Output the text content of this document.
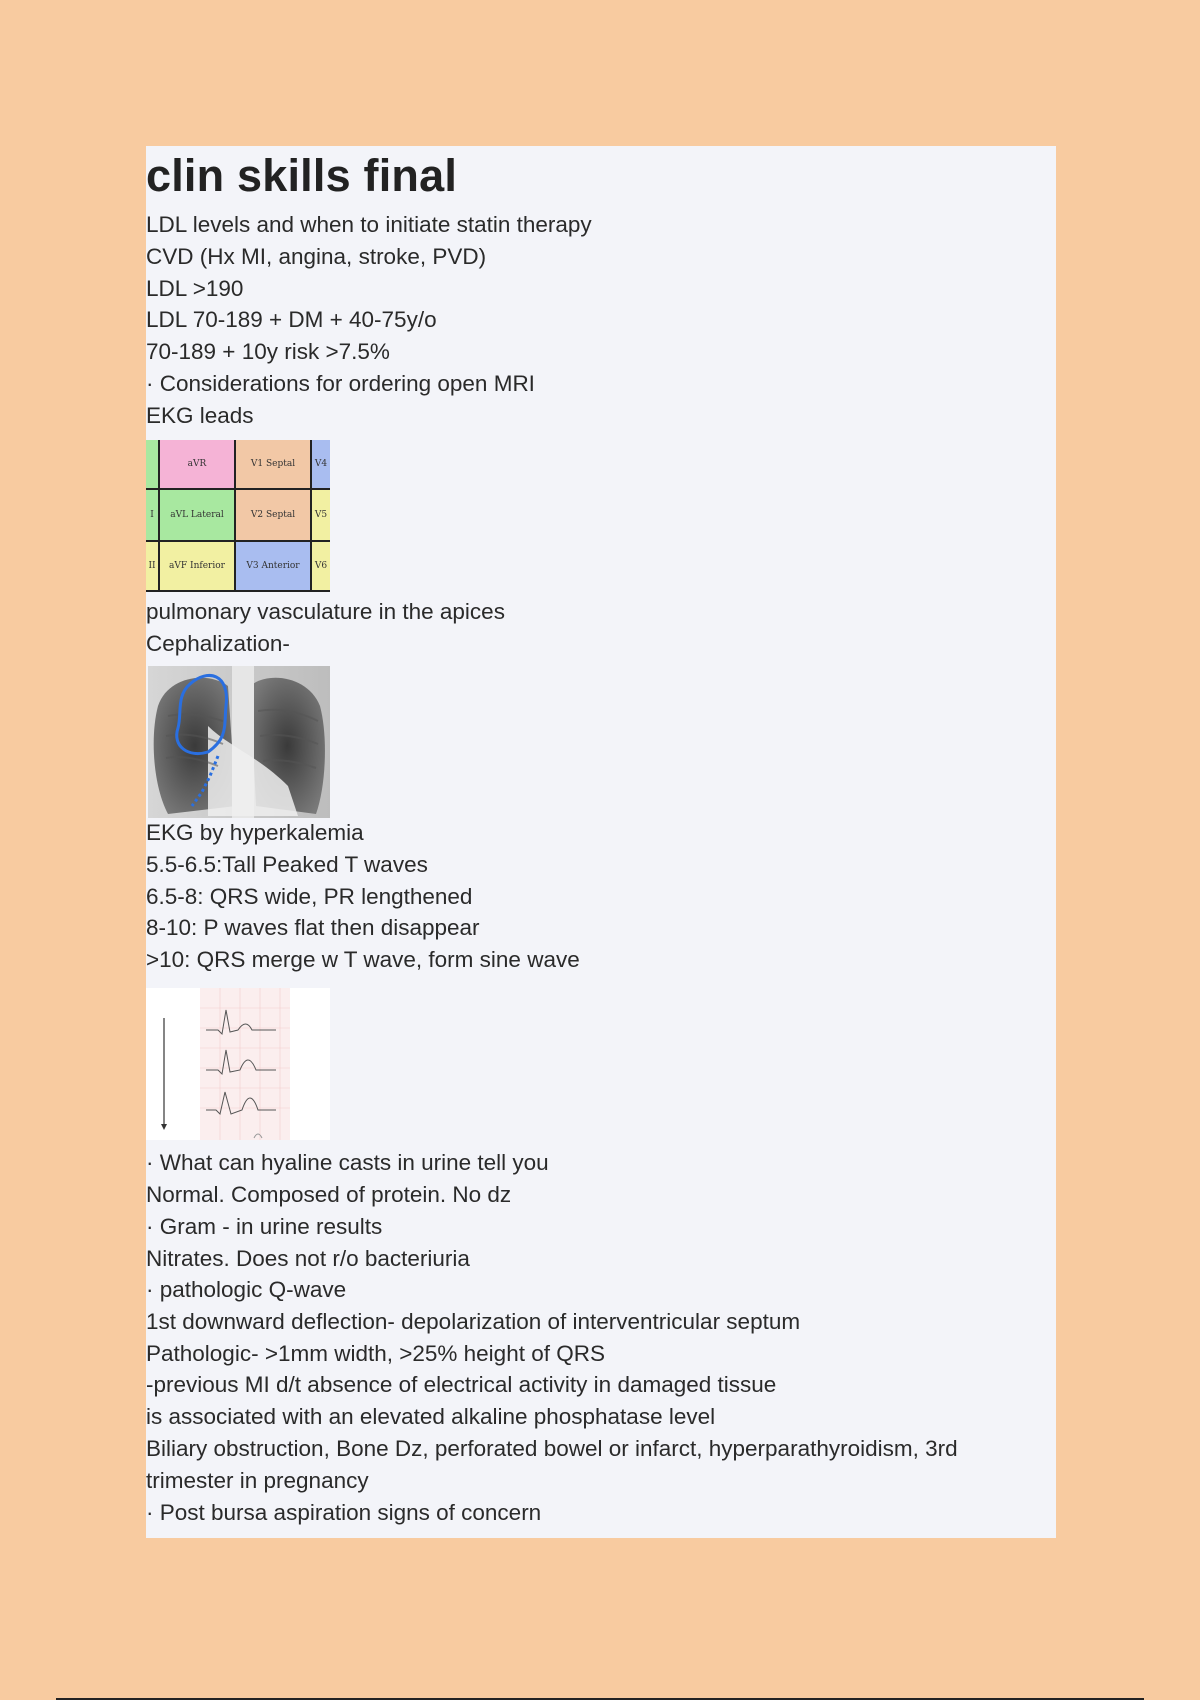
clin skills final
LDL levels and when to initiate statin therapy
CVD (Hx MI, angina, stroke, PVD)
LDL >190
LDL 70-189 + DM + 40-75y/o
70-189 + 10y risk >7.5%
· Considerations for ordering open MRI
EKG leads
I
II
aVR
aVL Lateral
aVF Inferior
V1 Septal
V2 Septal
V3 Anterior
V4
V5
V6
pulmonary vasculature in the apices
Cephalization-
EKG by hyperkalemia
5.5-6.5:Tall Peaked T waves
6.5-8: QRS wide, PR lengthened
8-10: P waves flat then disappear
>10: QRS merge w T wave, form sine wave
· What can hyaline casts in urine tell you
Normal. Composed of protein. No dz
· Gram - in urine results
Nitrates. Does not r/o bacteriuria
· pathologic Q-wave
1st downward deflection- depolarization of interventricular septum
Pathologic- >1mm width, >25% height of QRS
-previous MI d/t absence of electrical activity in damaged tissue
is associated with an elevated alkaline phosphatase level
Biliary obstruction, Bone Dz, perforated bowel or infarct, hyperparathyroidism, 3rd
trimester in pregnancy
· Post bursa aspiration signs of concern
